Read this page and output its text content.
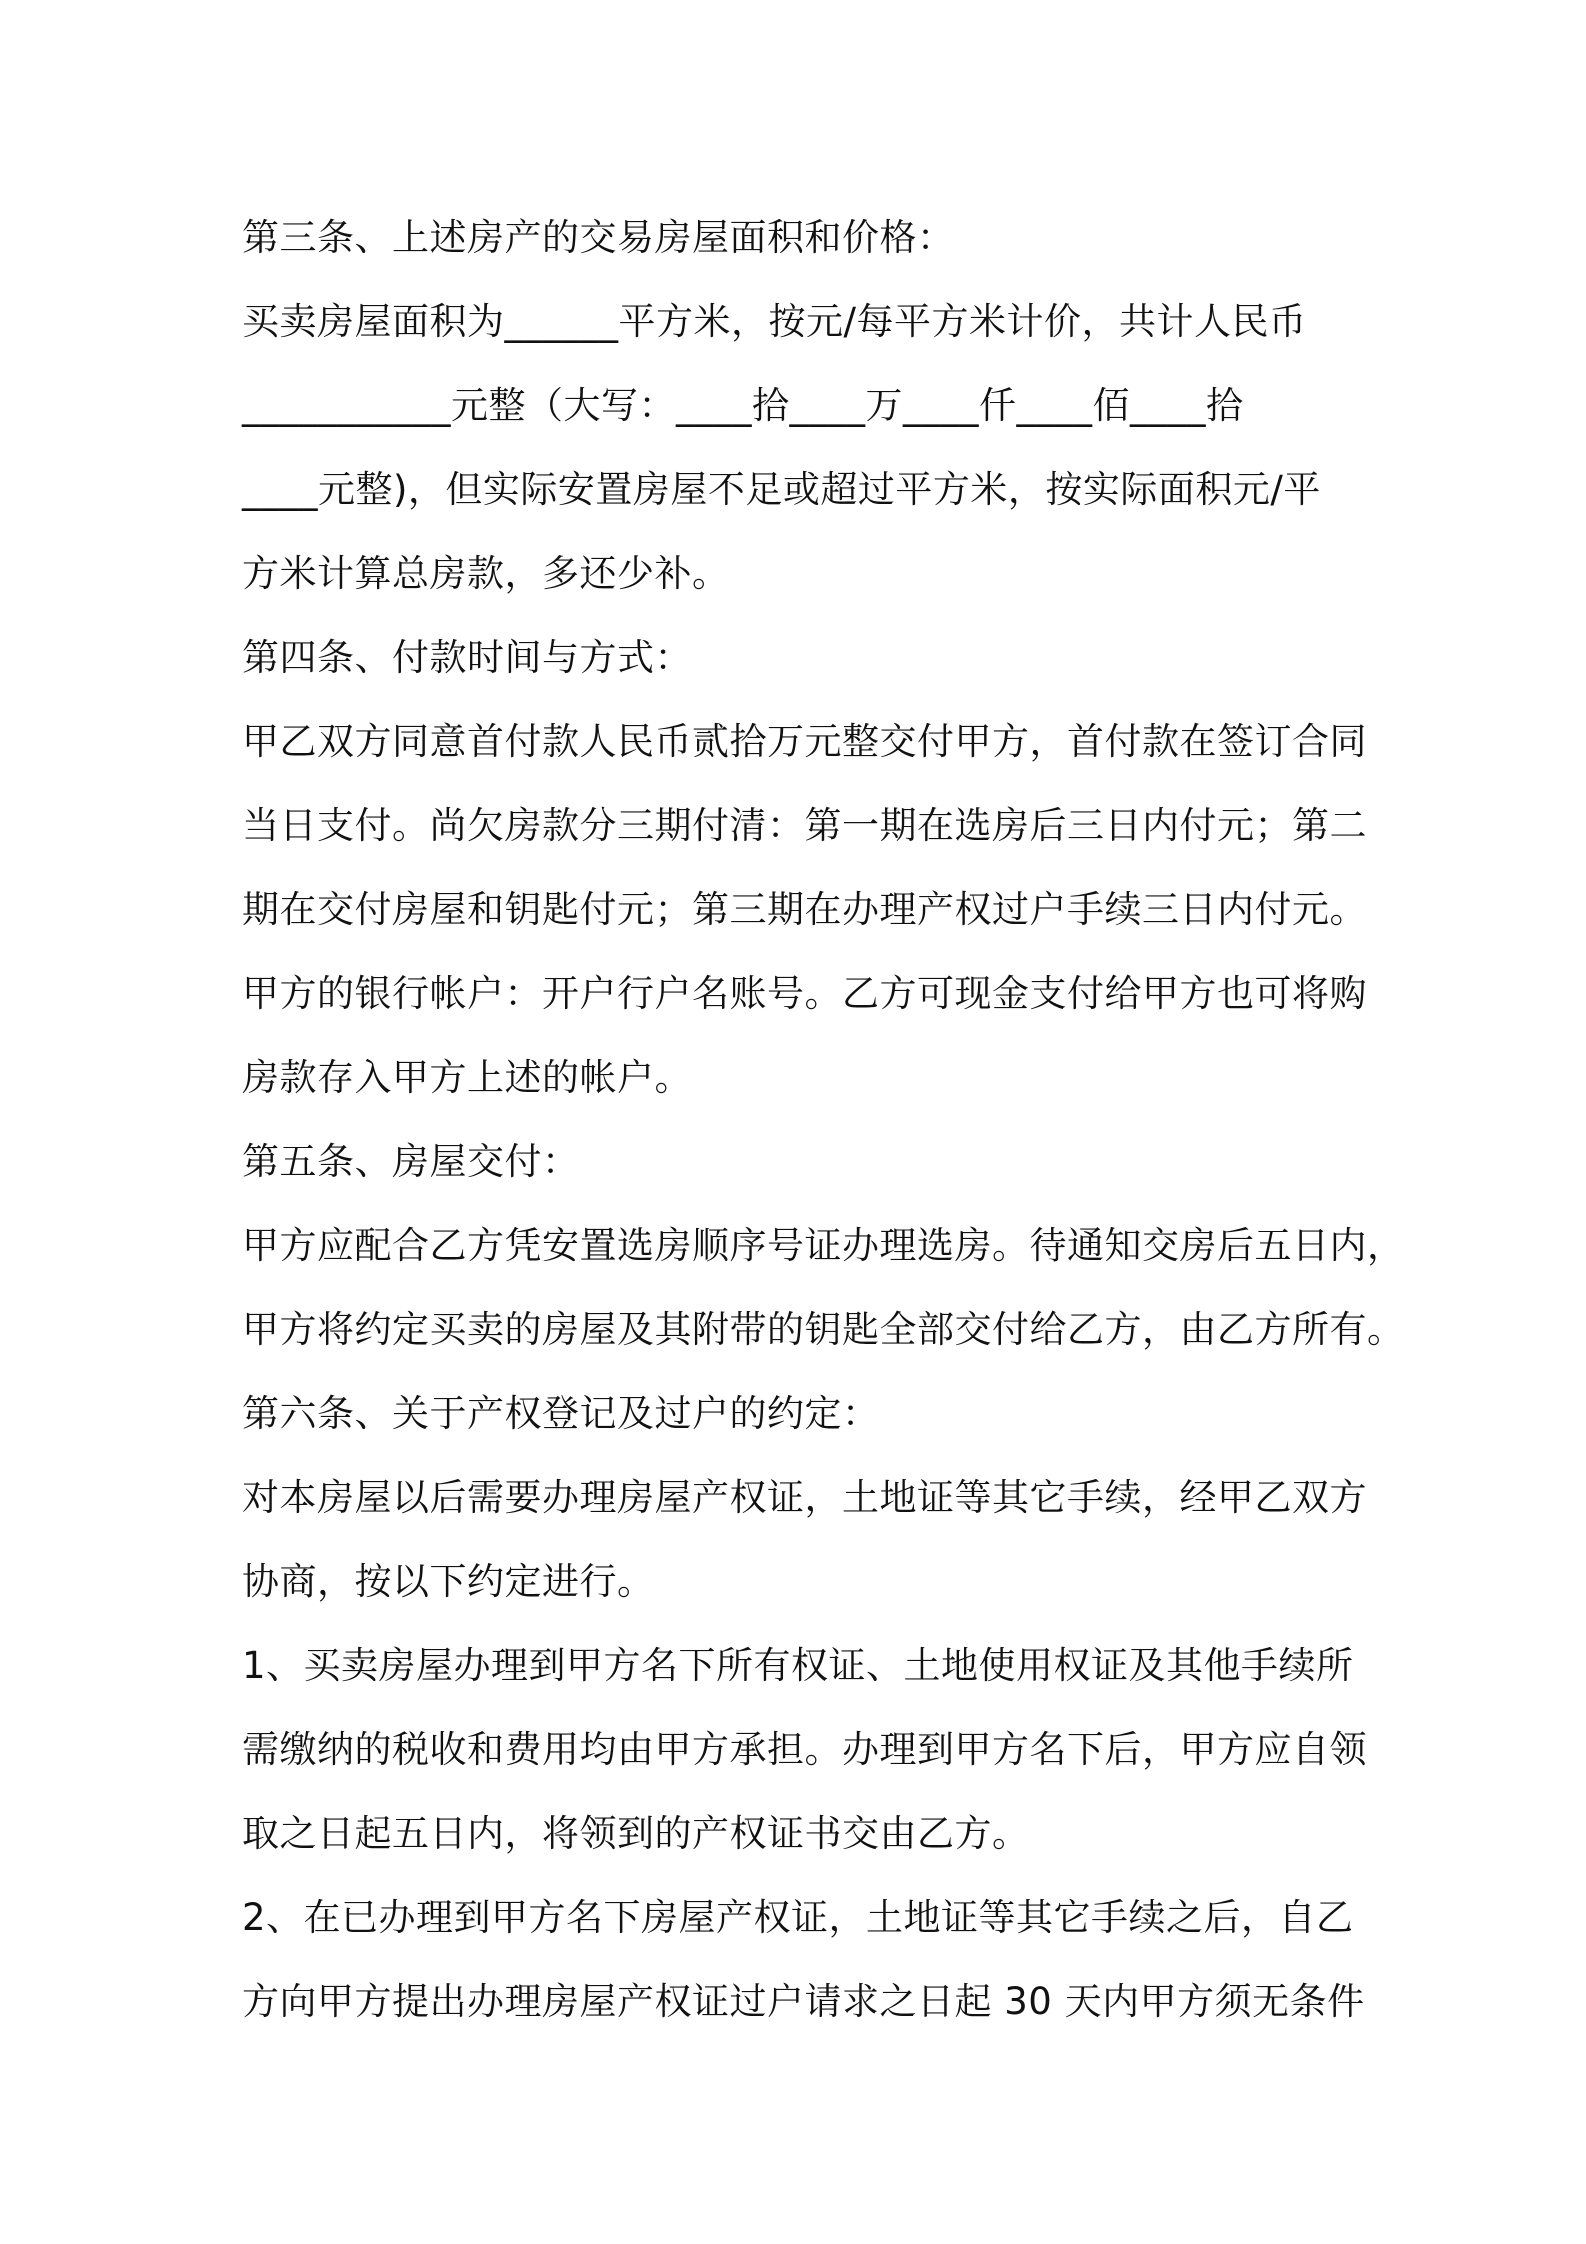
第三条、上述房产的交易房屋面积和价格：
买卖房屋面积为______平方米，按元/每平方米计价，共计人民币
___________元整（大写：____拾____万____仟____佰____拾
____元整)，但实际安置房屋不足或超过平方米，按实际面积元/平
方米计算总房款，多还少补。
第四条、付款时间与方式：
甲乙双方同意首付款人民币贰拾万元整交付甲方，首付款在签订合同
当日支付。尚欠房款分三期付清：第一期在选房后三日内付元；第二
期在交付房屋和钥匙付元；第三期在办理产权过户手续三日内付元。
甲方的银行帐户：开户行户名账号。乙方可现金支付给甲方也可将购
房款存入甲方上述的帐户。
第五条、房屋交付：
甲方应配合乙方凭安置选房顺序号证办理选房。待通知交房后五日内，
甲方将约定买卖的房屋及其附带的钥匙全部交付给乙方，由乙方所有。
第六条、关于产权登记及过户的约定：
对本房屋以后需要办理房屋产权证，土地证等其它手续，经甲乙双方
协商，按以下约定进行。
1、买卖房屋办理到甲方名下所有权证、土地使用权证及其他手续所
需缴纳的税收和费用均由甲方承担。办理到甲方名下后，甲方应自领
取之日起五日内，将领到的产权证书交由乙方。
2、在已办理到甲方名下房屋产权证，土地证等其它手续之后，自乙
方向甲方提出办理房屋产权证过户请求之日起 30 天内甲方须无条件
